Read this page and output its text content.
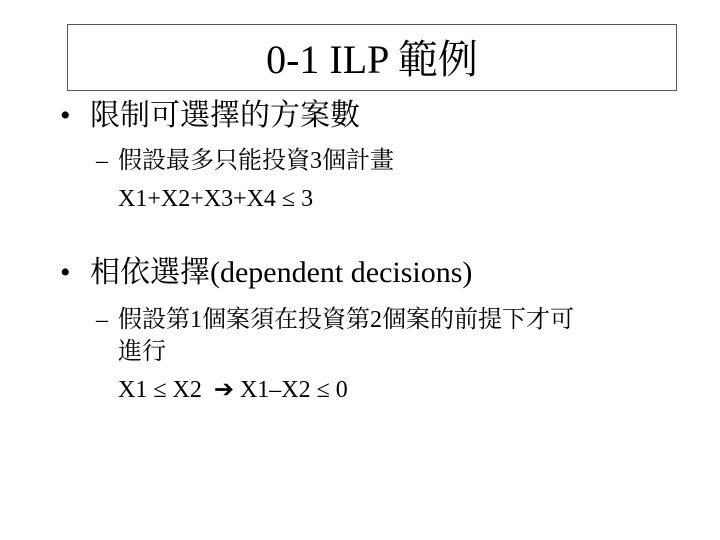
0-1 ILP 範例
• 限制可選擇的方案數
– 假設最多只能投資3個計畫
X1+X2+X3+X4 ≤ 3
• 相依選擇(dependent decisions)
– 假設第1個案須在投資第2個案的前提下才可
進行
X1 ≤ X2 ➔ X1–X2 ≤ 0
